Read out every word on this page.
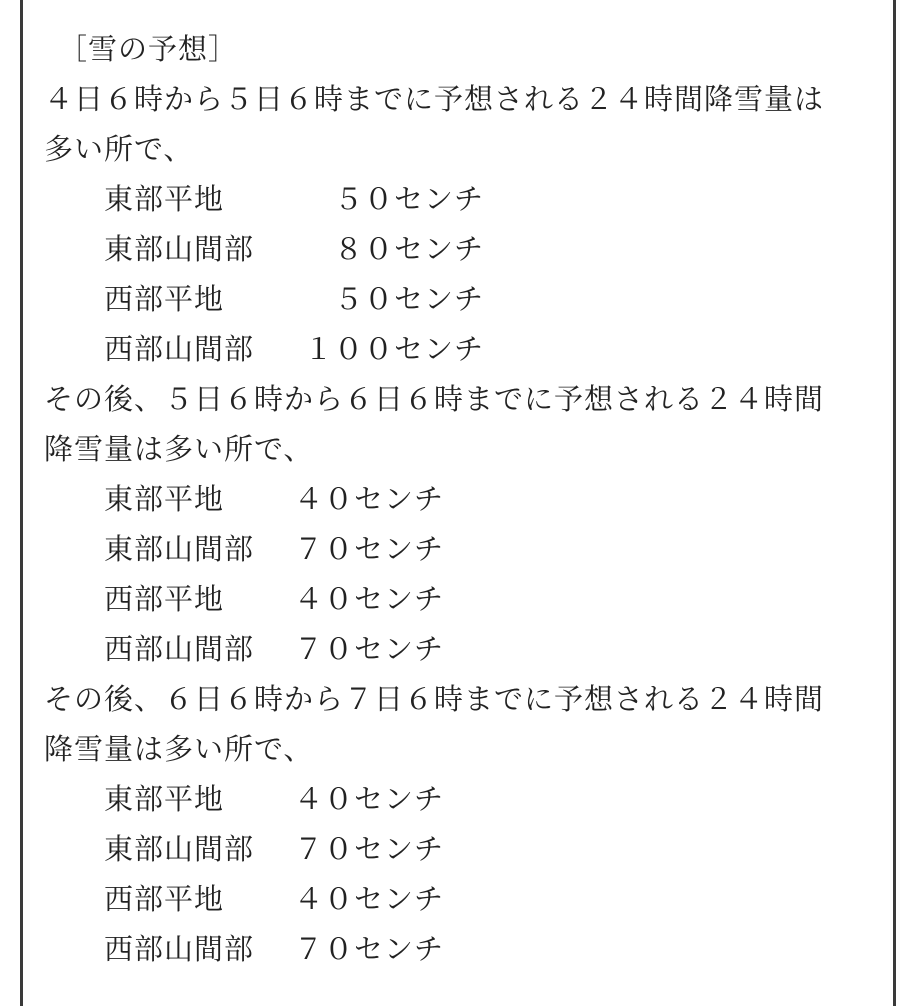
［雪の予想］
４日６時から５日６時までに予想される２４時間降雪量は
多い所で、
東部平地	５０センチ
東部山間部	８０センチ
西部平地	５０センチ
西部山間部	１００センチ
その後、５日６時から６日６時までに予想される２４時間
降雪量は多い所で、
東部平地	４０センチ
東部山間部	７０センチ
西部平地	４０センチ
西部山間部	７０センチ
その後、６日６時から７日６時までに予想される２４時間
降雪量は多い所で、
東部平地	４０センチ
東部山間部	７０センチ
西部平地	４０センチ
西部山間部	７０センチ
